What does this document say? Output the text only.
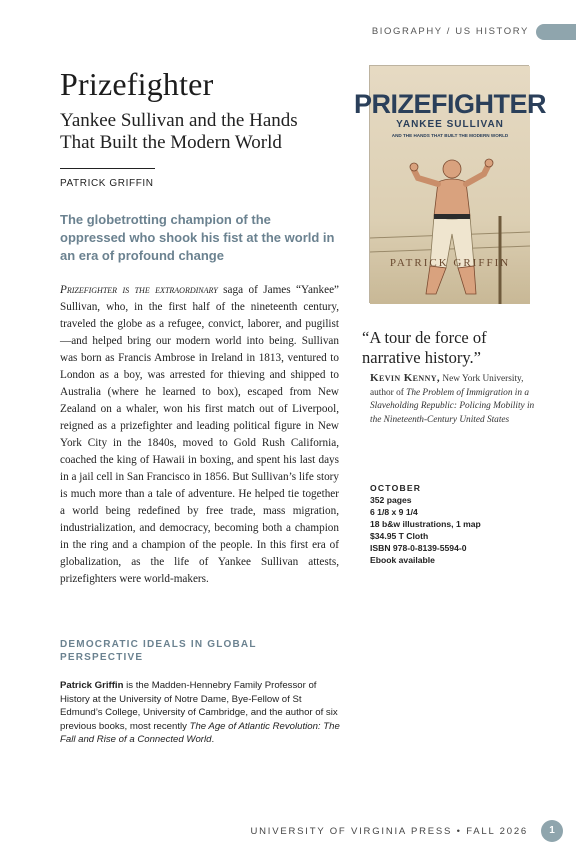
BIOGRAPHY / US HISTORY
Prizefighter
Yankee Sullivan and the Hands That Built the Modern World
PATRICK GRIFFIN
The globetrotting champion of the oppressed who shook his fist at the world in an era of profound change
Prizefighter is the extraordinary saga of James “Yankee” Sullivan, who, in the first half of the nineteenth century, traveled the globe as a refugee, convict, laborer, and pugilist—and helped bring our modern world into being. Sullivan was born as Francis Ambrose in Ireland in 1813, ventured to London as a boy, was arrested for thieving and shipped to Australia (where he learned to box), escaped from New Zealand on a whaler, won his first match out of Liverpool, reigned as a prizefighter and leading political figure in New York City in the 1840s, moved to Gold Rush California, coached the king of Hawaii in boxing, and spent his last days in a jail cell in San Francisco in 1856. But Sullivan’s life story is much more than a tale of adventure. He helped tie together a world being redefined by free trade, mass migration, industrialization, and democracy, becoming both a champion in the ring and a champion of the people. In this first era of globalization, as the life of Yankee Sullivan attests, prizefighters were world-makers.
DEMOCRATIC IDEALS IN GLOBAL PERSPECTIVE
Patrick Griffin is the Madden-Hennebry Family Professor of History at the University of Notre Dame, Bye-Fellow of St Edmund’s College, University of Cambridge, and the author of six previous books, most recently The Age of Atlantic Revolution: The Fall and Rise of a Connected World.
PRIZEFIGHTER
YANKEE SULLIVAN
AND THE HANDS THAT BUILT THE MODERN WORLD
PATRICK GRIFFIN
“A tour de force of narrative history.”
Kevin Kenny, New York University, author of The Problem of Immigration in a Slaveholding Republic: Policing Mobility in the Nineteenth-Century United States
OCTOBER
352 pages
6 1/8 x 9 1/4
18 b&w illustrations, 1 map
$34.95 T Cloth
ISBN 978-0-8139-5594-0
Ebook available
UNIVERSITY OF VIRGINIA PRESS • FALL 2026	1
